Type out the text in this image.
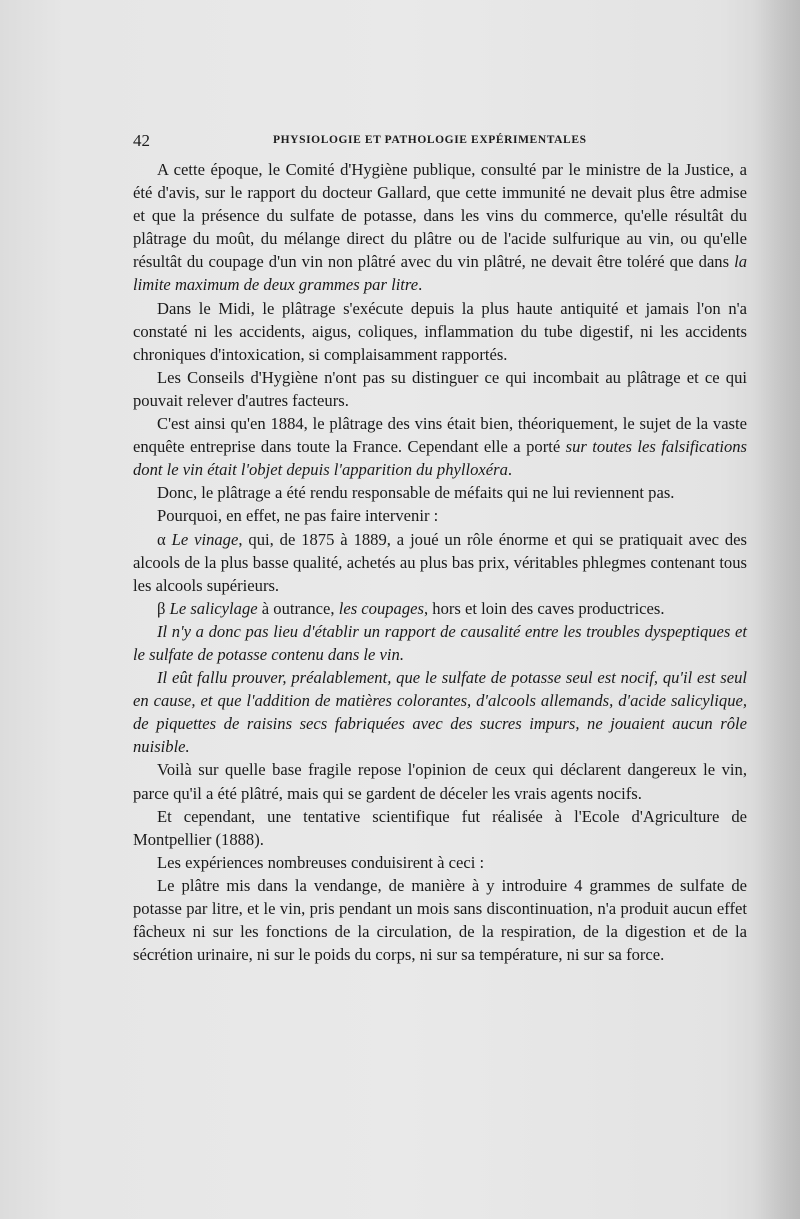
42	PHYSIOLOGIE ET PATHOLOGIE EXPÉRIMENTALES

A cette époque, le Comité d'Hygiène publique, consulté par le ministre de la Justice, a été d'avis, sur le rapport du docteur Gallard, que cette immunité ne devait plus être admise et que la présence du sulfate de potasse, dans les vins du commerce, qu'elle résultât du plâtrage du moût, du mélange direct du plâtre ou de l'acide sulfurique au vin, ou qu'elle résultât du coupage d'un vin non plâtré avec du vin plâtré, ne devait être toléré que dans la limite maximum de deux grammes par litre.

Dans le Midi, le plâtrage s'exécute depuis la plus haute antiquité et jamais l'on n'a constaté ni les accidents, aigus, coliques, inflammation du tube digestif, ni les accidents chroniques d'intoxication, si complaisamment rapportés.

Les Conseils d'Hygiène n'ont pas su distinguer ce qui incombait au plâtrage et ce qui pouvait relever d'autres facteurs.

C'est ainsi qu'en 1884, le plâtrage des vins était bien, théoriquement, le sujet de la vaste enquête entreprise dans toute la France. Cependant elle a porté sur toutes les falsifications dont le vin était l'objet depuis l'apparition du phylloxéra.

Donc, le plâtrage a été rendu responsable de méfaits qui ne lui reviennent pas.

Pourquoi, en effet, ne pas faire intervenir :

α Le vinage, qui, de 1875 à 1889, a joué un rôle énorme et qui se pratiquait avec des alcools de la plus basse qualité, achetés au plus bas prix, véritables phlegmes contenant tous les alcools supérieurs.

β Le salicylage à outrance, les coupages, hors et loin des caves productrices.

Il n'y a donc pas lieu d'établir un rapport de causalité entre les troubles dyspeptiques et le sulfate de potasse contenu dans le vin.

Il eût fallu prouver, préalablement, que le sulfate de potasse seul est nocif, qu'il est seul en cause, et que l'addition de matières colorantes, d'alcools allemands, d'acide salicylique, de piquettes de raisins secs fabriquées avec des sucres impurs, ne jouaient aucun rôle nuisible.

Voilà sur quelle base fragile repose l'opinion de ceux qui déclarent dangereux le vin, parce qu'il a été plâtré, mais qui se gardent de déceler les vrais agents nocifs.

Et cependant, une tentative scientifique fut réalisée à l'Ecole d'Agriculture de Montpellier (1888).

Les expériences nombreuses conduisirent à ceci :

Le plâtre mis dans la vendange, de manière à y introduire 4 grammes de sulfate de potasse par litre, et le vin, pris pendant un mois sans discontinuation, n'a produit aucun effet fâcheux ni sur les fonctions de la circulation, de la respiration, de la digestion et de la sécrétion urinaire, ni sur le poids du corps, ni sur sa température, ni sur sa force.
